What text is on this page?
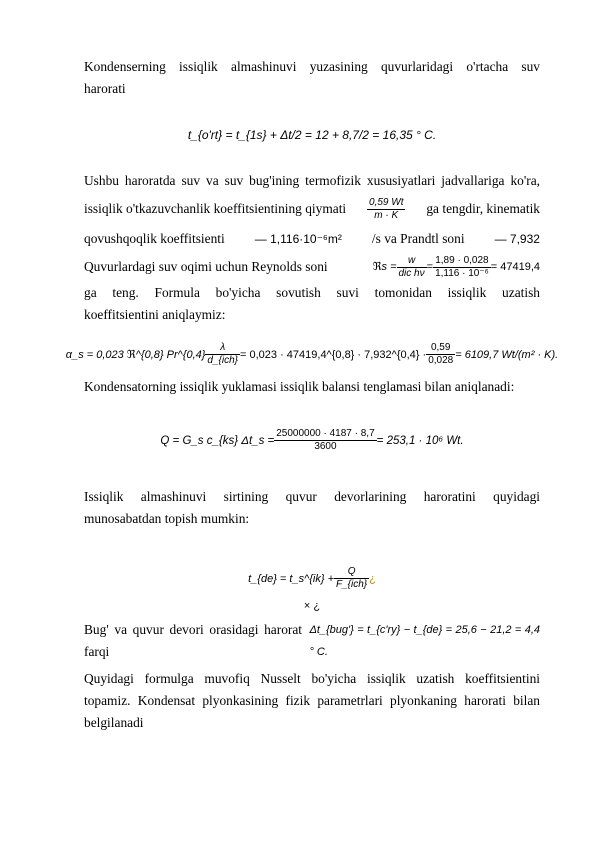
Kondenserning issiqlik almashinuvi yuzasining quvurlaridagi o'rtacha suv
harorati
t_{o'rt} = t_{1s} + Δt/2 = 12 + 8,7/2 = 16,35 ° C.
Ushbu haroratda suv va suv bug'ining termofizik xususiyatlari jadvallariga ko'ra,
issiqlik o'tkazuvchanlik koeffitsientining qiymati $\frac{0,59 Wt}{m \cdot K}$ ga tengdir, kinematik
qovushqoqlik koeffitsienti	— 1,116·10⁻⁶m² /s va Prandtl soni	— 7,932
Quvurlardagi suv oqimi uchun Reynolds soni	ℜs = $\frac{w}{\text{dic hν}} = \frac{1,89 \cdot 0,028}{\text{1,116 · 10⁻⁶}} = 47419,4$
ga teng. Formula bo'yicha sovutish suvi tomonidan issiqlik uzatish
koeffitsientini aniqlaymiz:
α_s = 0,023 ℜ^{0,8} Pr^{0,4} $\frac{\lambda}{\text{d\_\{ich\}}} = 0,023$ · 47419,4^{0,8} · 7,932^{0,4} · $\frac{0,59}{0,028} = 6109,7$ Wt/(m² · K).
Kondensatorning issiqlik yuklamasi issiqlik balansi tenglamasi bilan aniqlanadi:
Q = G_s c_{ks} Δt_s = $\frac{25000000 \cdot 4187 \cdot 8,7}{3600} = 253,1 \cdot 10^6$ Wt.
Issiqlik almashinuvi sirtining quvur devorlarining haroratini quyidagi
munosabatdan topish mumkin:
t_{de} = t_s^{ik} + $\frac{Q}{\text{F\_\{ich\}}}$ ¿
× ¿
Bug' va quvur devori orasidagi harorat farqi
Δt_{bug'} = t_{c'ry} − t_{de} = 25,6 − 21,2 = 4,4 ° C.
Quyidagi formulga muvofiq Nusselt bo'yicha issiqlik uzatish koeffitsientini
topamiz. Kondensat plyonkasining fizik parametrlari plyonkaning harorati bilan
belgilanadi
